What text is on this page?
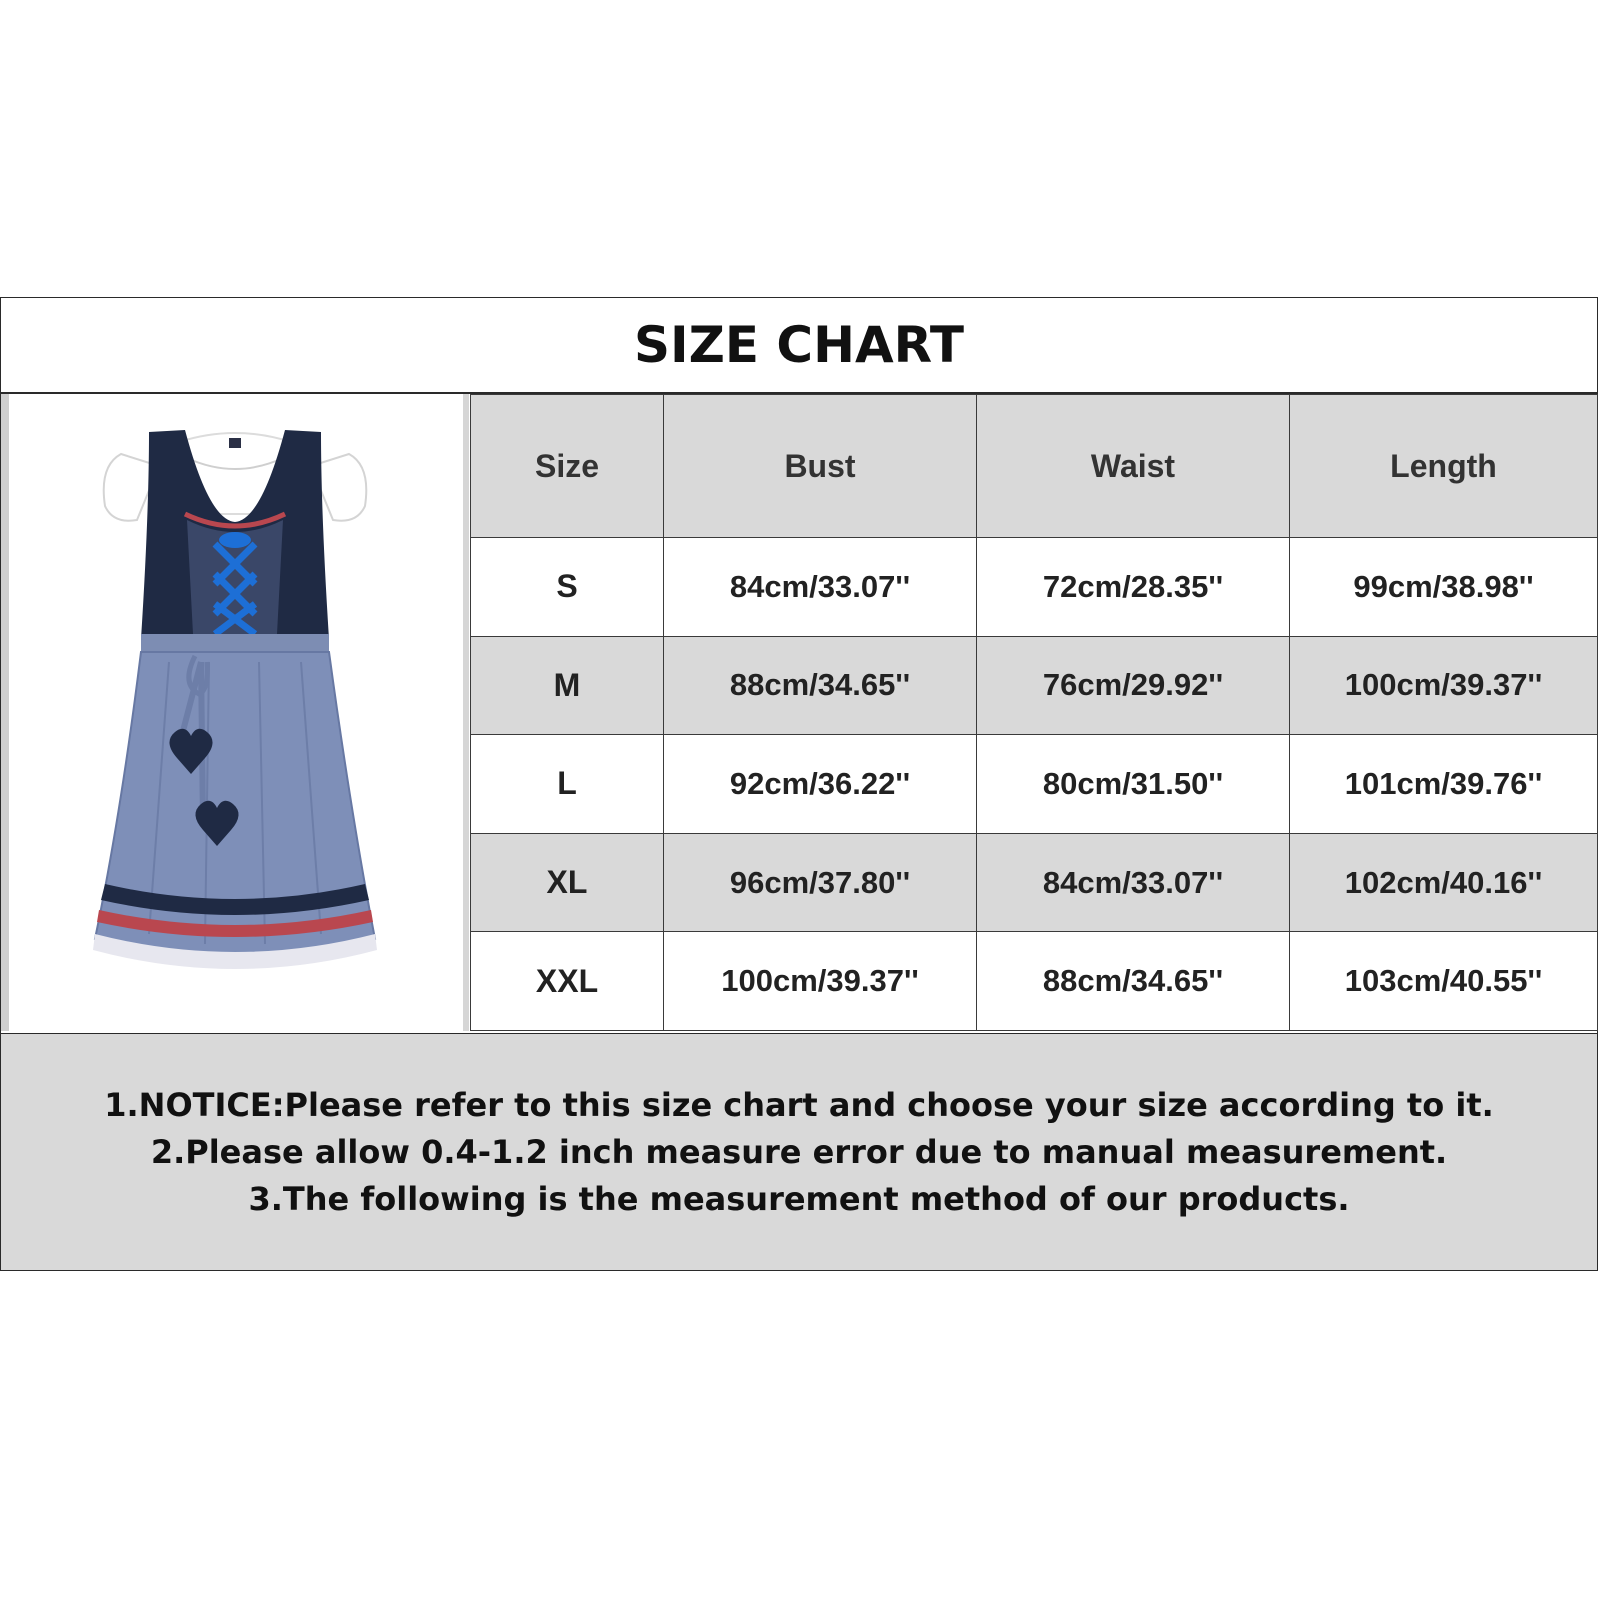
SIZE CHART
Size	Bust	Waist	Length
S	84cm/33.07''	72cm/28.35''	99cm/38.98''
M	88cm/34.65''	76cm/29.92''	100cm/39.37''
L	92cm/36.22''	80cm/31.50''	101cm/39.76''
XL	96cm/37.80''	84cm/33.07''	102cm/40.16''
XXL	100cm/39.37''	88cm/34.65''	103cm/40.55''
1.NOTICE:Please refer to this size chart and choose your size according to it.
2.Please allow 0.4-1.2 inch measure error due to manual measurement.
3.The following is the measurement method of our products.
